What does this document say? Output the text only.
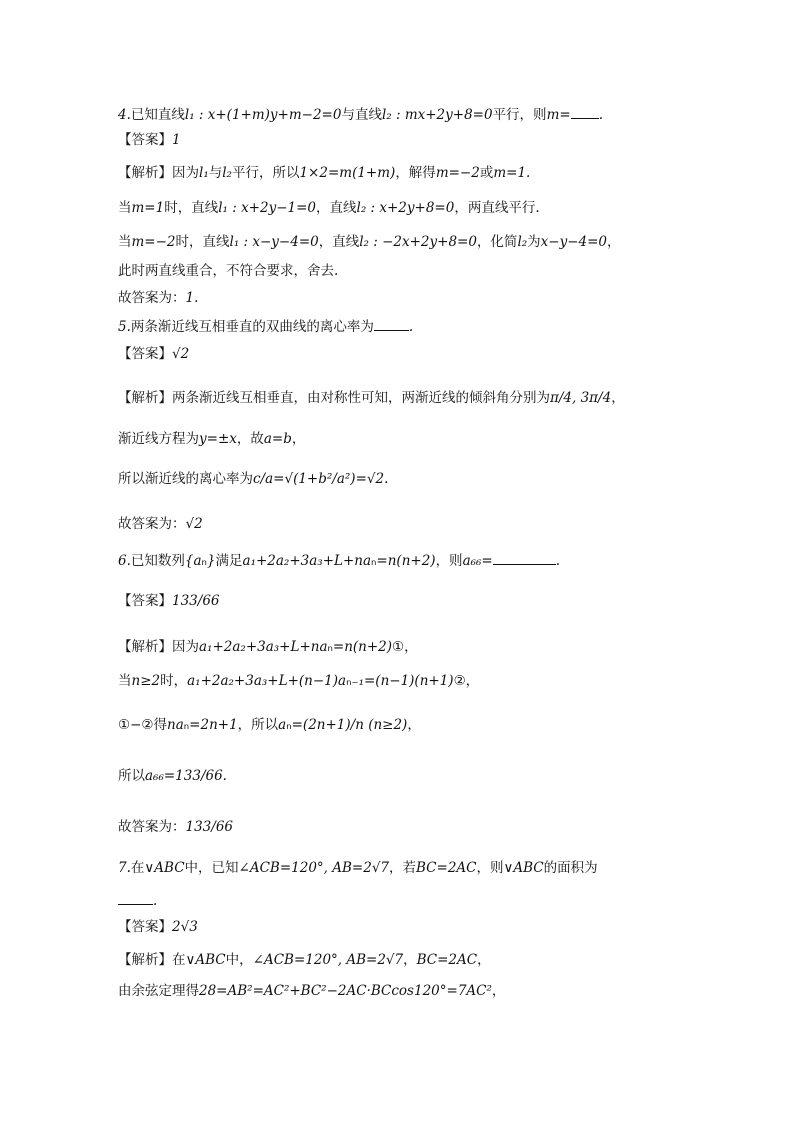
4.已知直线l₁ : x+(1+m)y+m−2=0与直线l₂ : mx+2y+8=0平行，则m= .
【答案】1
【解析】因为l₁与l₂平行，所以1×2=m(1+m)，解得m=−2或m=1.
当m=1时，直线l₁ : x+2y−1=0，直线l₂ : x+2y+8=0，两直线平行.
当m=−2时，直线l₁ : x−y−4=0，直线l₂ : −2x+2y+8=0，化简l₂为x−y−4=0，
此时两直线重合，不符合要求，舍去.
故答案为：1.
5.两条渐近线互相垂直的双曲线的离心率为	.
【答案】√2
【解析】两条渐近线互相垂直，由对称性可知，两渐近线的倾斜角分别为π/4, 3π/4，
渐近线方程为y=±x，故a=b，
所以渐近线的离心率为c/a=√(1+b²/a²)=√2.
故答案为：√2
6.已知数列{aₙ}满足a₁+2a₂+3a₃+L+naₙ=n(n+2)，则a₆₆=	.
【答案】133/66
【解析】因为a₁+2a₂+3a₃+L+naₙ=n(n+2)①，
当n≥2时，a₁+2a₂+3a₃+L+(n−1)aₙ₋₁=(n−1)(n+1)②，
①−②得naₙ=2n+1，所以aₙ=(2n+1)/n (n≥2)，
所以a₆₆=133/66.
故答案为：133/66
7.在∨ABC中，已知∠ACB=120°, AB=2√7，若BC=2AC，则∨ABC的面积为
.
【答案】2√3
【解析】在∨ABC中，∠ACB=120°, AB=2√7，BC=2AC，
由余弦定理得28=AB²=AC²+BC²−2AC·BCcos120°=7AC²，
